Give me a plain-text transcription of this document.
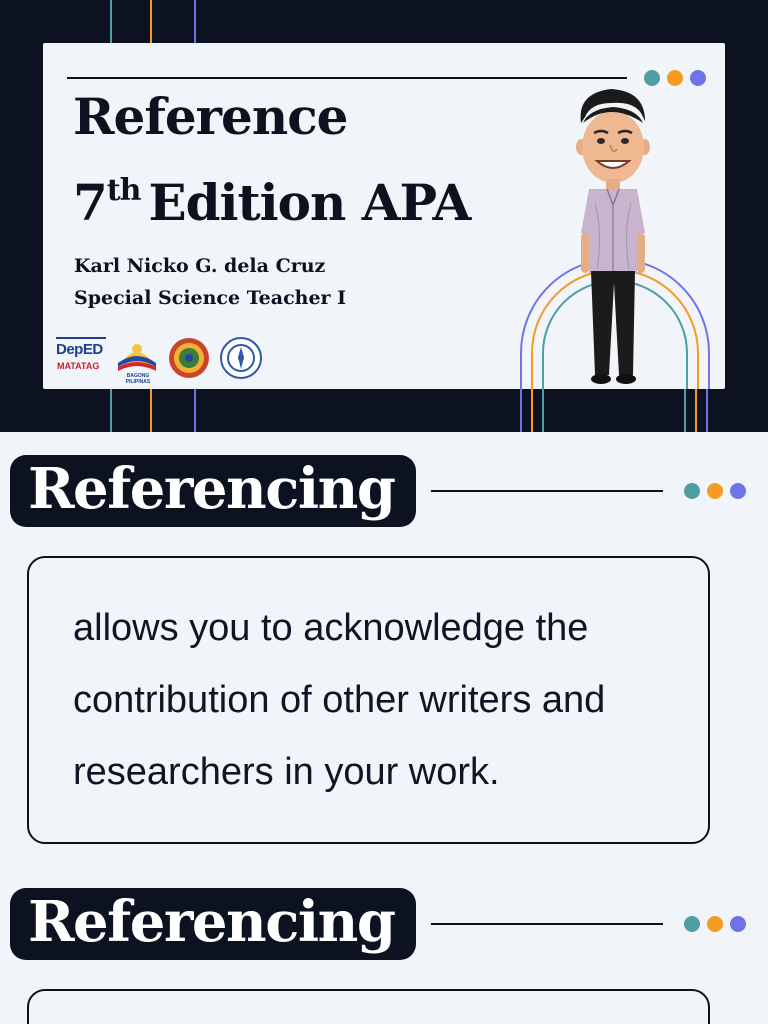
Reference
7th Edition APA
Karl Nicko G. dela Cruz
Special Science Teacher I
DepED
MATATAG
BAGONG PILIPINAS
Referencing
allows you to acknowledge the contribution of other writers and researchers in your work.
Referencing
